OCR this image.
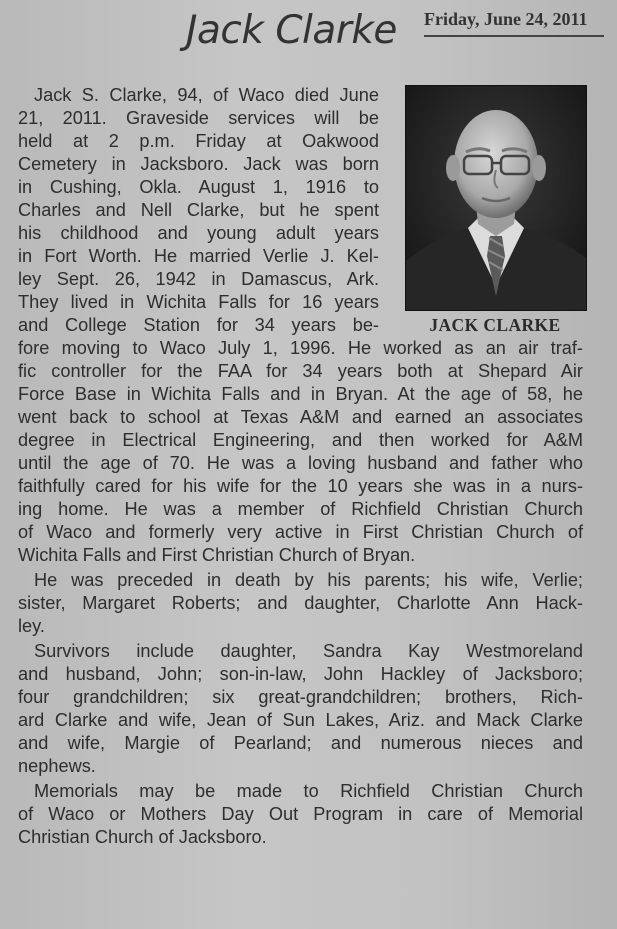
Jack Clarke Friday, June 24, 2011
JACK CLARKE
Jack S. Clarke, 94, of Waco died June
21, 2011. Graveside services will be
held at 2 p.m. Friday at Oakwood
Cemetery in Jacksboro. Jack was born
in Cushing, Okla. August 1, 1916 to
Charles and Nell Clarke, but he spent
his childhood and young adult years
in Fort Worth. He married Verlie J. Kel-
ley Sept. 26, 1942 in Damascus, Ark.
They lived in Wichita Falls for 16 years
and College Station for 34 years be-
fore moving to Waco July 1, 1996. He worked as an air traf-
fic controller for the FAA for 34 years both at Shepard Air
Force Base in Wichita Falls and in Bryan. At the age of 58, he
went back to school at Texas A&M and earned an associates
degree in Electrical Engineering, and then worked for A&M
until the age of 70. He was a loving husband and father who
faithfully cared for his wife for the 10 years she was in a nurs-
ing home. He was a member of Richfield Christian Church
of Waco and formerly very active in First Christian Church of
Wichita Falls and First Christian Church of Bryan.
He was preceded in death by his parents; his wife, Verlie;
sister, Margaret Roberts; and daughter, Charlotte Ann Hack-
ley.
Survivors include daughter, Sandra Kay Westmoreland
and husband, John; son-in-law, John Hackley of Jacksboro;
four grandchildren; six great-grandchildren; brothers, Rich-
ard Clarke and wife, Jean of Sun Lakes, Ariz. and Mack Clarke
and wife, Margie of Pearland; and numerous nieces and
nephews.
Memorials may be made to Richfield Christian Church
of Waco or Mothers Day Out Program in care of Memorial
Christian Church of Jacksboro.
